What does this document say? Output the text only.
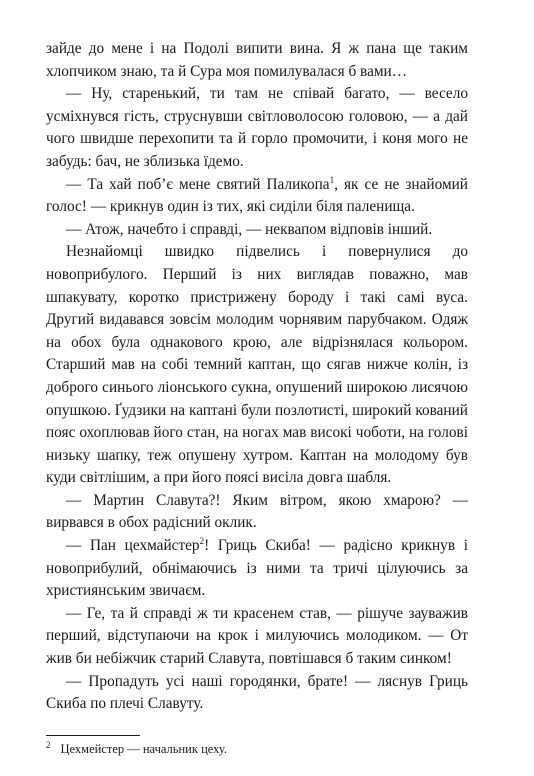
зайде до мене і на Подолі випити вина. Я ж пана ще таким хлопчиком знаю, та й Сура моя помилувалася б вами…

— Ну, старенький, ти там не співай багато, — весело усміхнувся гість, струснувши світловолосою головою, — а дай чого швидше перехопити та й горло промочити, і коня мого не забудь: бач, не зблизька їдемо.

— Та хай побʼє мене святий Паликопа$^1$, як се не знайомий голос! — крикнув один із тих, які сиділи біля паленища.

— Атож, начебто і справді, — неквапом відповів інший.

Незнайомці швидко підвелись і повернулися до новоприбулого. Перший із них виглядав поважно, мав шпакувату, коротко пристрижену бороду і такі самі вуса. Другий видавався зовсім молодим чорнявим парубчаком. Одяж на обох була однакового крою, але відрізнялася кольором. Старший мав на собі темний каптан, що сягав нижче колін, із доброго синього ліонського сукна, опушений широкою лисячою опушкою. Ґудзики на каптані були позлотисті, широкий кований пояс охоплював його стан, на ногах мав високі чоботи, на голові низьку шапку, теж опушену хутром. Каптан на молодому був куди світлішим, а при його поясі висіла довга шабля.

— Мартин Славута?! Яким вітром, якою хмарою? — вирвався в обох радісний оклик.

— Пан цехмайстер$^2$! Гриць Скиба! — радісно крикнув і новоприбулий, обнімаючись із ними та тричі цілуючись за християнським звичаєм.

— Ге, та й справді ж ти красенем став, — рішуче зауважив перший, відступаючи на крок і милуючись молодиком. — От жив би небіжчик старий Славута, повтішався б таким синком!

— Пропадуть усі наші городянки, брате! — ляснув Гриць Скиба по плечі Славуту.

$^2$ Цехмейстер — начальник цеху.
